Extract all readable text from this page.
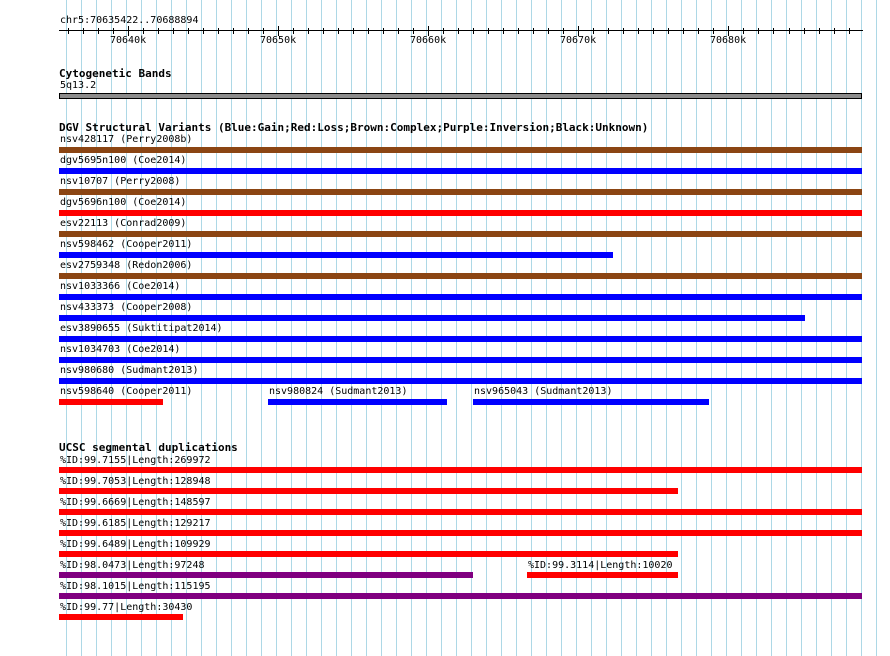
chr5:70635422..70688894
70640k	70650k	70660k	70670k	70680k
Cytogenetic Bands
5q13.2
DGV Structural Variants (Blue:Gain;Red:Loss;Brown:Complex;Purple:Inversion;Black:Unknown)
nsv428117 (Perry2008b)
dgv5695n100 (Coe2014)
nsv10707 (Perry2008)
dgv5696n100 (Coe2014)
esv22113 (Conrad2009)
nsv598462 (Cooper2011)
esv2759348 (Redon2006)
nsv1033366 (Coe2014)
nsv433373 (Cooper2008)
esv3890655 (Suktitipat2014)
nsv1034703 (Coe2014)
nsv980680 (Sudmant2013)
nsv598640 (Cooper2011)	nsv980824 (Sudmant2013)	nsv965043 (Sudmant2013)
UCSC segmental duplications
%ID:99.7155|Length:269972
%ID:99.7053|Length:128948
%ID:99.6669|Length:148597
%ID:99.6185|Length:129217
%ID:99.6489|Length:109929
%ID:98.0473|Length:97248	%ID:99.3114|Length:10020
%ID:98.1015|Length:115195
%ID:99.77|Length:30430
